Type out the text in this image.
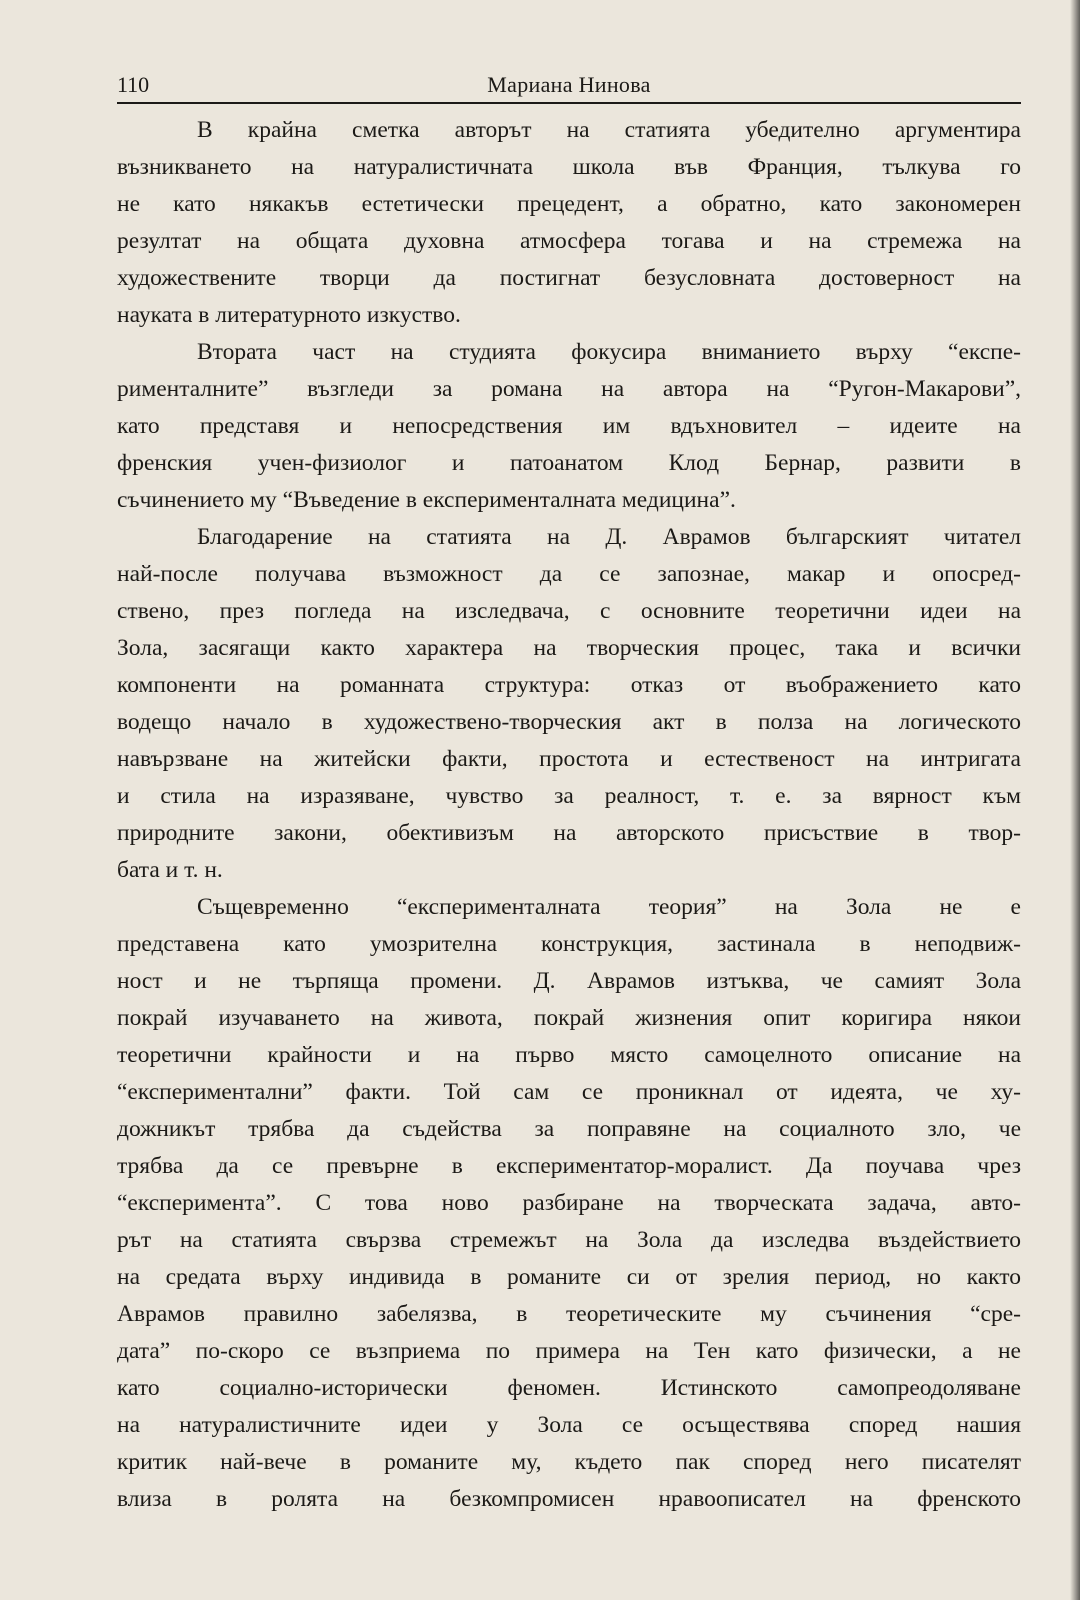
110	Мариана Нинова
В крайна сметка авторът на статията убедително аргументира
възникването на натуралистичната школа във Франция, тълкува го
не като някакъв естетически прецедент, а обратно, като закономерен
резултат на общата духовна атмосфера тогава и на стремежа на
художествените творци да постигнат безусловната достоверност на
науката в литературното изкуство.
Втората част на студията фокусира вниманието върху “експе-
рименталните” възгледи за романа на автора на “Ругон-Макарови”,
като представя и непосредствения им вдъхновител – идеите на
френския учен-физиолог и патоанатом Клод Бернар, развити в
съчинението му “Въведение в експерименталната медицина”.
Благодарение на статията на Д. Аврамов българският читател
най-после получава възможност да се запознае, макар и опосред-
ствено, през погледа на изследвача, с основните теоретични идеи на
Зола, засягащи както характера на творческия процес, така и всички
компоненти на романната структура: отказ от въображението като
водещо начало в художествено-творческия акт в полза на логическото
навързване на житейски факти, простота и естественост на интригата
и стила на изразяване, чувство за реалност, т. е. за вярност към
природните закони, обективизъм на авторското присъствие в твор-
бата и т. н.
Същевременно “експерименталната теория” на Зола не е
представена като умозрителна конструкция, застинала в неподвиж-
ност и не търпяща промени. Д. Аврамов изтъква, че самият Зола
покрай изучаването на живота, покрай жизнения опит коригира някои
теоретични крайности и на първо място самоцелното описание на
“експериментални” факти. Той сам се проникнал от идеята, че ху-
дожникът трябва да съдейства за поправяне на социалното зло, че
трябва да се превърне в експериментатор-моралист. Да поучава чрез
“експеримента”. С това ново разбиране на творческата задача, авто-
рът на статията свързва стремежът на Зола да изследва въздействието
на средата върху индивида в романите си от зрелия период, но както
Аврамов правилно забелязва, в теоретическите му съчинения “сре-
дата” по-скоро се възприема по примера на Тен като физически, а не
като социално-исторически феномен. Истинското самопреодоляване
на натуралистичните идеи у Зола се осъществява според нашия
критик най-вече в романите му, където пак според него писателят
влиза в ролята на безкомпромисен нравоописател на френското
